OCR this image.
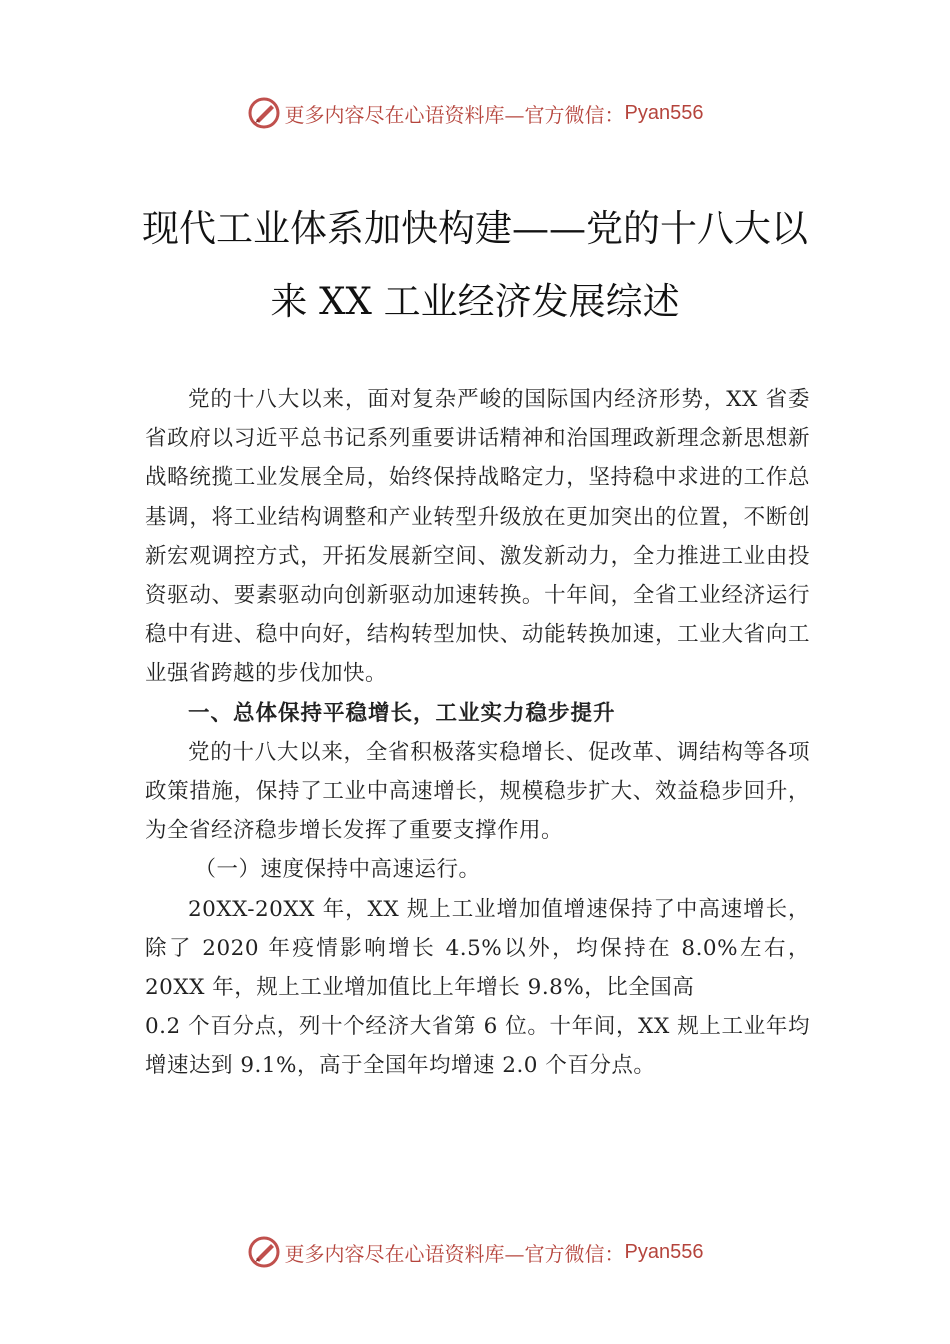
更多内容尽在心语资料库—官方微信： Pyan556
现代工业体系加快构建——党的十八大以
来 XX 工业经济发展综述

党的十八大以来，面对复杂严峻的国际国内经济形势，XX 省委省政府以习近平总书记系列重要讲话精神和治国理政新理念新思想新战略统揽工业发展全局，始终保持战略定力，坚持稳中求进的工作总基调，将工业结构调整和产业转型升级放在更加突出的位置，不断创新宏观调控方式，开拓发展新空间、激发新动力，全力推进工业由投资驱动、要素驱动向创新驱动加速转换。十年间，全省工业经济运行稳中有进、稳中向好，结构转型加快、动能转换加速，工业大省向工业强省跨越的步伐加快。

一、总体保持平稳增长，工业实力稳步提升

党的十八大以来，全省积极落实稳增长、促改革、调结构等各项政策措施，保持了工业中高速增长，规模稳步扩大、效益稳步回升，为全省经济稳步增长发挥了重要支撑作用。

（一）速度保持中高速运行。

20XX-20XX 年，XX 规上工业增加值增速保持了中高速增长，除了 2020 年疫情影响增长 4.5%以外，均保持在 8.0%左右，20XX 年，规上工业增加值比上年增长 9.8%，比全国高

0.2 个百分点，列十个经济大省第 6 位。十年间，XX 规上工业年均增速达到 9.1%，高于全国年均增速 2.0 个百分点。

更多内容尽在心语资料库—官方微信： Pyan556
